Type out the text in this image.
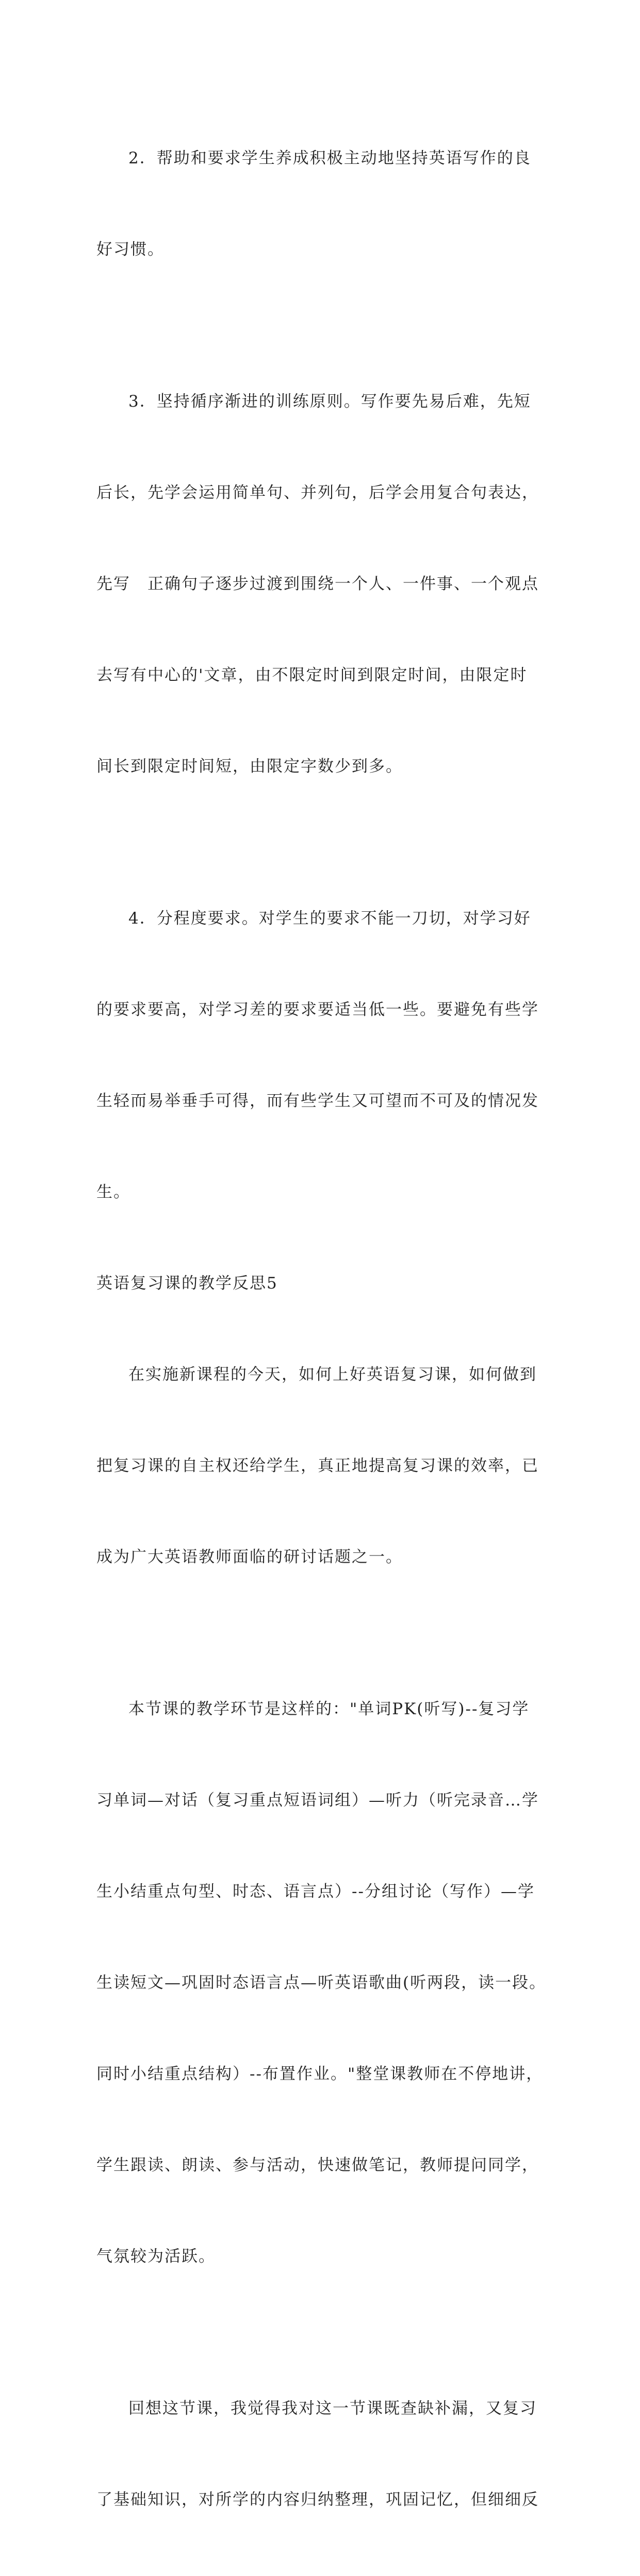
2．帮助和要求学生养成积极主动地坚持英语写作的良

好习惯。

3．坚持循序渐进的训练原则。写作要先易后难，先短

后长，先学会运用简单句、并列句，后学会用复合句表达，

先写　正确句子逐步过渡到围绕一个人、一件事、一个观点

去写有中心的'文章，由不限定时间到限定时间，由限定时

间长到限定时间短，由限定字数少到多。

4．分程度要求。对学生的要求不能一刀切，对学习好

的要求要高，对学习差的要求要适当低一些。要避免有些学

生轻而易举垂手可得，而有些学生又可望而不可及的情况发

生。

英语复习课的教学反思5

在实施新课程的今天，如何上好英语复习课，如何做到

把复习课的自主权还给学生，真正地提高复习课的效率，已

成为广大英语教师面临的研讨话题之一。

本节课的教学环节是这样的："单词PK(听写)--复习学

习单词—对话（复习重点短语词组）—听力（听完录音…学

生小结重点句型、时态、语言点）--分组讨论（写作）—学

生读短文—巩固时态语言点—听英语歌曲(听两段，读一段。

同时小结重点结构）--布置作业。"整堂课教师在不停地讲，

学生跟读、朗读、参与活动，快速做笔记，教师提问同学，

气氛较为活跃。

回想这节课，我觉得我对这一节课既查缺补漏，又复习

了基础知识，对所学的内容归纳整理，巩固记忆，但细细反
